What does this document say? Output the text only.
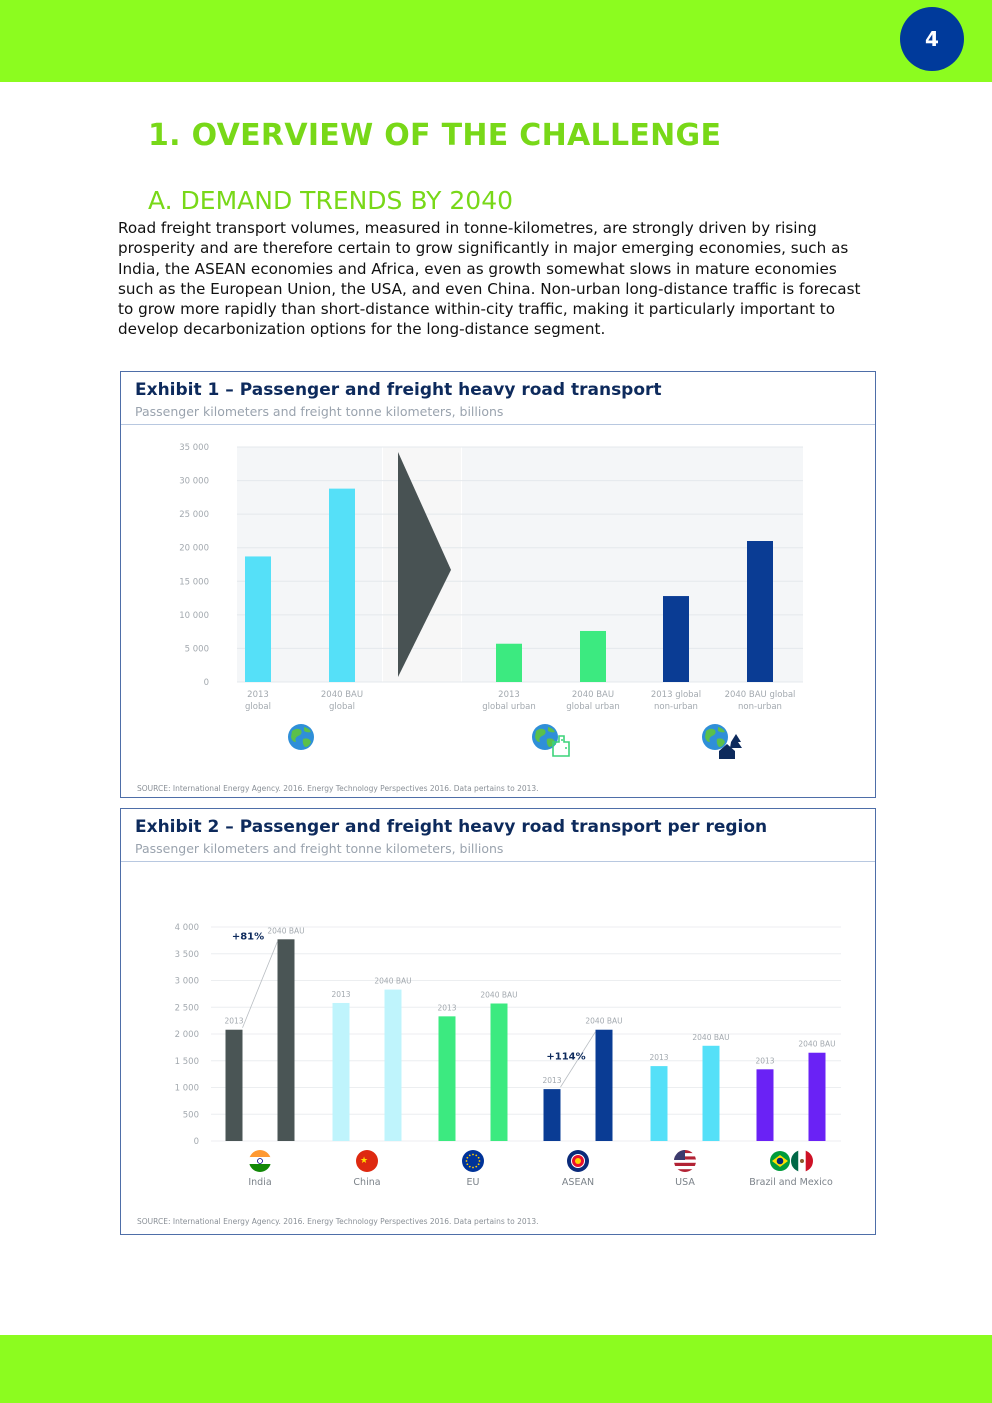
4
1. OVERVIEW OF THE CHALLENGE
A. DEMAND TRENDS BY 2040

Road freight transport volumes, measured in tonne-kilometres, are strongly driven by rising prosperity and are therefore certain to grow significantly in major emerging economies, such as India, the ASEAN economies and Africa, even as growth somewhat slows in mature economies such as the European Union, the USA, and even China. Non-urban long-distance traffic is forecast to grow more rapidly than short-distance within-city traffic, making it particularly important to develop decarbonization options for the long-distance segment.

Exhibit 1 – Passenger and freight heavy road transport
Passenger kilometers and freight tonne kilometers, billions
35 000
30 000
25 000
20 000
15 000
10 000
5 000
0
2013
global
2040 BAU
global
2013
global urban
2040 BAU
global urban
2013 global
non-urban
2040 BAU global
non-urban
SOURCE: International Energy Agency. 2016. Energy Technology Perspectives 2016. Data pertains to 2013.
Exhibit 2 – Passenger and freight heavy road transport per region
Passenger kilometers and freight tonne kilometers, billions
4 000
3 500
3 000
2 500
2 000
1 500
1 000
500
0
2013
2040 BAU
+81%
India
2013
2040 BAU
China
2013
2040 BAU
EU
2013
2040 BAU
+114%
ASEAN
2013
2040 BAU
USA
2013
2040 BAU
Brazil and Mexico
★
SOURCE: International Energy Agency. 2016. Energy Technology Perspectives 2016. Data pertains to 2013.
